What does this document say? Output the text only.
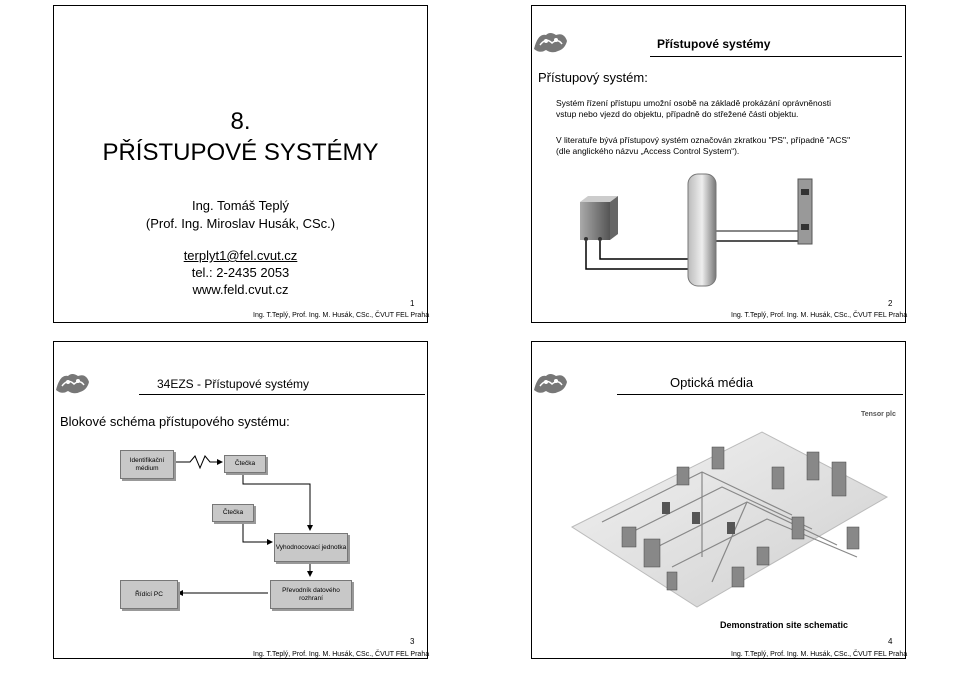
8.
PŘÍSTUPOVÉ SYSTÉMY
Ing. Tomáš Teplý
(Prof. Ing. Miroslav Husák, CSc.)
terplyt1@fel.cvut.cz
tel.: 2-2435 2053
www.feld.cvut.cz
1
Ing. T.Teplý, Prof. Ing. M. Husák, CSc., ČVUT FEL Praha
Přístupové systémy
Přístupový systém:
Systém řízení přístupu umožní osobě na základě prokázání oprávněnosti vstup nebo vjezd do objektu, případně do střežené části objektu.
V literatuře bývá přístupový systém označován zkratkou "PS", případně "ACS" (dle anglického názvu „Access Control System“).
2
Ing. T.Teplý, Prof. Ing. M. Husák, CSc., ČVUT FEL Praha
34EZS - Přístupové systémy
Blokové schéma přístupového systému:
Identifikační médium
Čtečka
Čtečka
Vyhodnocovací jednotka
Řídící PC
Převodník datového rozhraní
3
Ing. T.Teplý, Prof. Ing. M. Husák, CSc., ČVUT FEL Praha
Optická média
Tensor plc
Demonstration site schematic
4
Ing. T.Teplý, Prof. Ing. M. Husák, CSc., ČVUT FEL Praha
